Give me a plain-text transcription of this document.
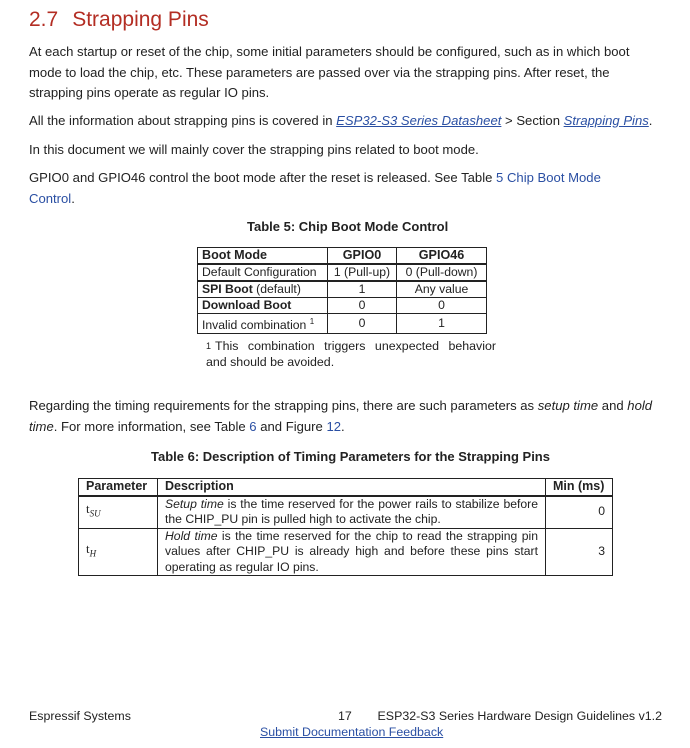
2.7 Strapping Pins

At each startup or reset of the chip, some initial parameters should be configured, such as in which boot mode to load the chip, etc. These parameters are passed over via the strapping pins. After reset, the strapping pins operate as regular IO pins.

All the information about strapping pins is covered in ESP32-S3 Series Datasheet > Section Strapping Pins.

In this document we will mainly cover the strapping pins related to boot mode.

GPIO0 and GPIO46 control the boot mode after the reset is released. See Table 5 Chip Boot Mode Control.

Table 5: Chip Boot Mode Control
Boot Mode	GPIO0	GPIO46
Default Configuration	1 (Pull-up)	0 (Pull-down)
SPI Boot (default)	1	Any value
Download Boot	0	0
Invalid combination $^1$	0	1
$^1$ This combination triggers unexpected behavior and should be avoided.

Regarding the timing requirements for the strapping pins, there are such parameters as setup time and hold time. For more information, see Table 6 and Figure 12.

Table 6: Description of Timing Parameters for the Strapping Pins
Parameter	Description	Min (ms)
$t_{SU}$	Setup time is the time reserved for the power rails to stabilize before the CHIP_PU pin is pulled high to activate the chip.	0
$t_H$	Hold time is the time reserved for the chip to read the strapping pin values after CHIP_PU is already high and before these pins start operating as regular IO pins.	3
Espressif Systems	17 ESP32-S3 Series Hardware Design Guidelines v1.2
Submit Documentation Feedback
